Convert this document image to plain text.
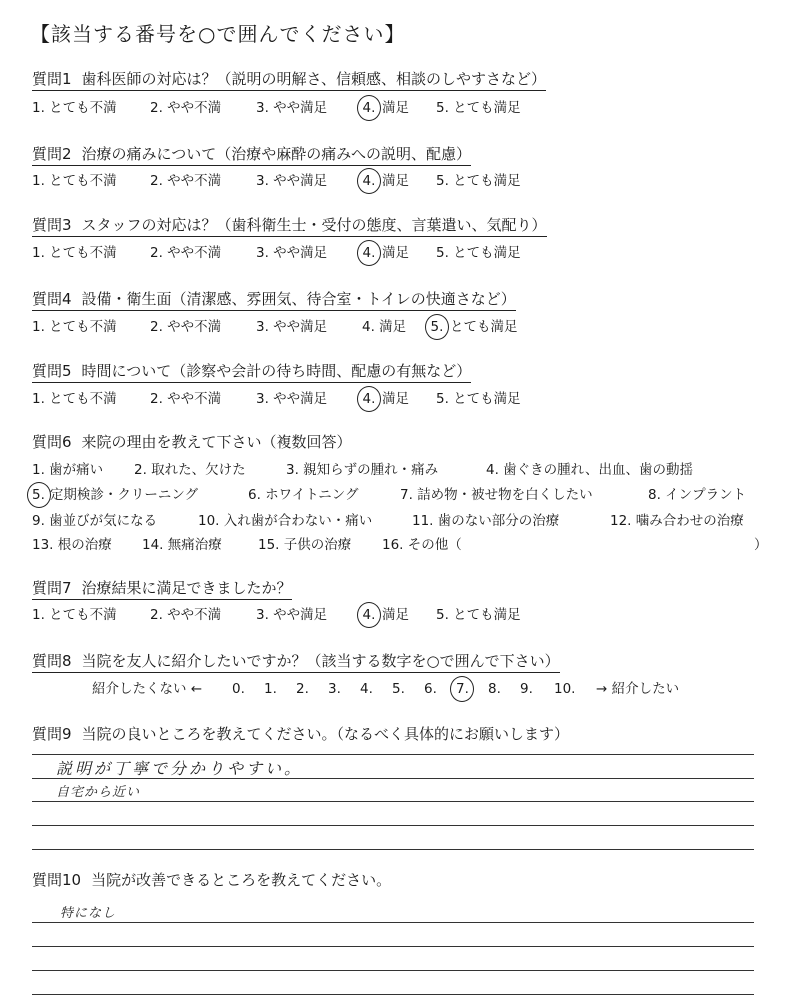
【該当する番号を○で囲んでください】
質問1 歯科医師の対応は？（説明の明解さ、信頼感、相談のしやすさなど）
1. とても不満 2. やや不満	3. やや満足	4. 満足 5. とても満足
質問2 治療の痛みについて（治療や麻酔の痛みへの説明、配慮）
1. とても不満 2. やや不満	3. やや満足	4. 満足 5. とても満足
質問3 スタッフの対応は？（歯科衛生士・受付の態度、言葉遣い、気配り）
1. とても不満 2. やや不満	3. やや満足	4. 満足 5. とても満足
質問4 設備・衛生面（清潔感、雰囲気、待合室・トイレの快適さなど）
1. とても不満 2. やや不満	3. やや満足	4. 満足 5. とても満足
質問5 時間について（診察や会計の待ち時間、配慮の有無など）
1. とても不満 2. やや不満	3. やや満足	4. 満足 5. とても満足
質問6 来院の理由を教えて下さい（複数回答）
1. 歯が痛い 2. 取れた、欠けた	3. 親知らずの腫れ・痛み	4. 歯ぐきの腫れ、出血、歯の動揺
5. 定期検診・クリーニング	6. ホワイトニング	7. 詰め物・被せ物を白くしたい	8. インプラント
9. 歯並びが気になる	10. 入れ歯が合わない・痛い	11. 歯のない部分の治療	12. 噛み合わせの治療
13. 根の治療 14. 無痛治療	15. 子供の治療 16. その他（	）
質問7 治療結果に満足できましたか？
1. とても不満 2. やや不満	3. やや満足	4. 満足 5. とても満足
質問8 当院を友人に紹介したいですか？（該当する数字を○で囲んで下さい）
紹介したくない ← 0. 1. 2. 3. 4. 5. 6. 7. 8. 9. 10. → 紹介したい
質問9 当院の良いところを教えてください。（なるべく具体的にお願いします）
説明が丁寧で分かりやすい。
自宅から近い
質問10 当院が改善できるところを教えてください。
特になし
